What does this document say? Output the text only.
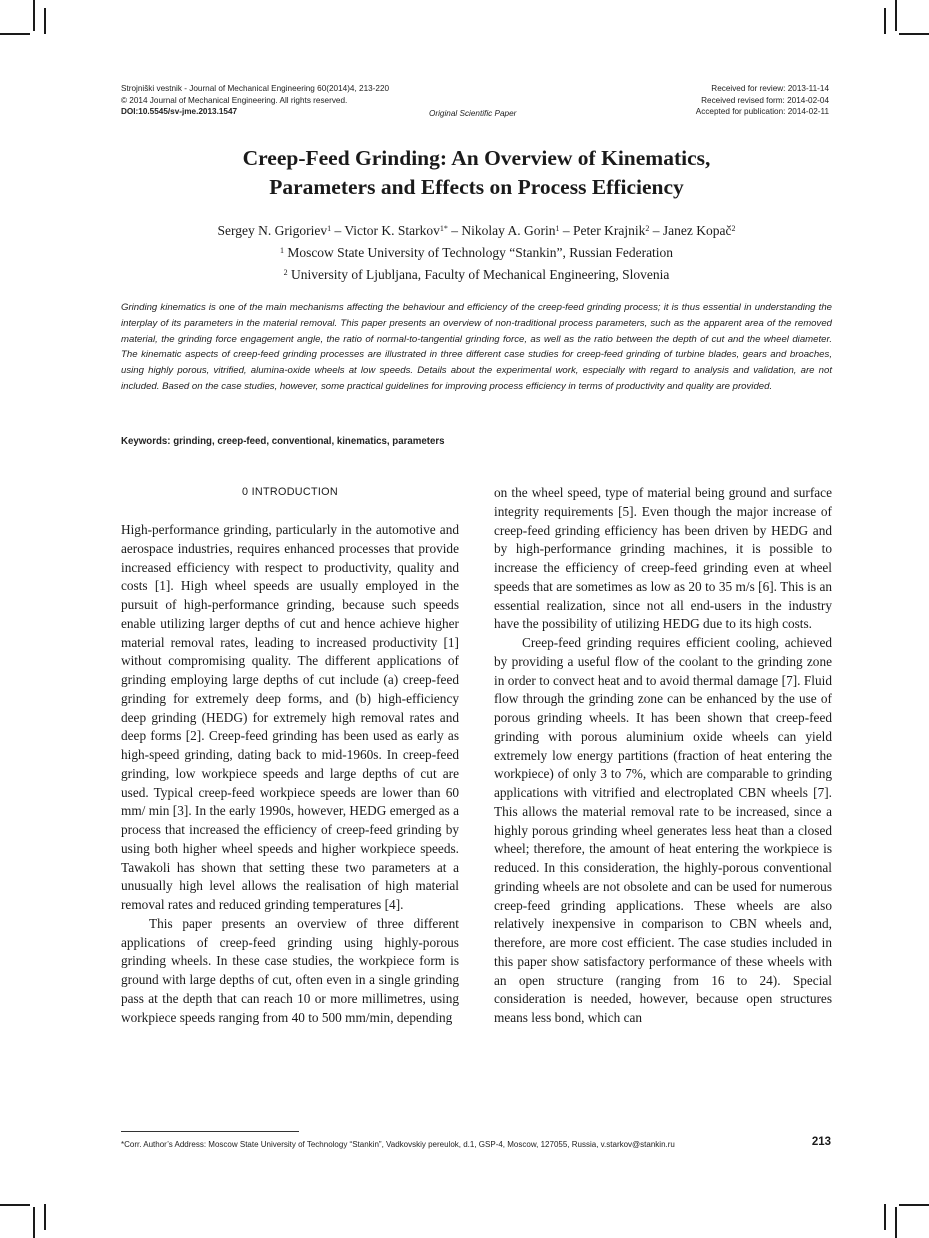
Strojniški vestnik - Journal of Mechanical Engineering 60(2014)4, 213-220
© 2014 Journal of Mechanical Engineering. All rights reserved.
DOI:10.5545/sv-jme.2013.1547	Original Scientific Paper
Received for review: 2013-11-14
Received revised form: 2014-02-04
Accepted for publication: 2014-02-11
Creep-Feed Grinding: An Overview of Kinematics,
Parameters and Effects on Process Efficiency
Sergey N. Grigoriev$^1$ – Victor K. Starkov$^{1*}$ – Nikolay A. Gorin$^1$ – Peter Krajnik$^2$ – Janez Kopač$^2$
$^1$ Moscow State University of Technology “Stankin”, Russian Federation
$^2$ University of Ljubljana, Faculty of Mechanical Engineering, Slovenia
Grinding kinematics is one of the main mechanisms affecting the behaviour and efficiency of the creep-feed grinding process; it is thus essential in understanding the interplay of its parameters in the material removal. This paper presents an overview of non-traditional process parameters, such as the apparent area of the removed material, the grinding force engagement angle, the ratio of normal-to-tangential grinding force, as well as the ratio between the depth of cut and the wheel diameter. The kinematic aspects of creep-feed grinding processes are illustrated in three different case studies for creep-feed grinding of turbine blades, gears and broaches, using highly porous, vitrified, alumina-oxide wheels at low speeds. Details about the experimental work, especially with regard to analysis and validation, are not included. Based on the case studies, however, some practical guidelines for improving process efficiency in terms of productivity and quality are provided.
Keywords: grinding, creep-feed, conventional, kinematics, parameters
0 INTRODUCTION

High-performance grinding, particularly in the automotive and aerospace industries, requires enhanced processes that provide increased efficiency with respect to productivity, quality and costs [1]. High wheel speeds are usually employed in the pursuit of high-performance grinding, because such speeds enable utilizing larger depths of cut and hence achieve higher material removal rates, leading to increased productivity [1] without compromising quality. The different applications of grinding employing large depths of cut include (a) creep-feed grinding for extremely deep forms, and (b) high-efficiency deep grinding (HEDG) for extremely high removal rates and deep forms [2]. Creep-feed grinding has been used as early as high-speed grinding, dating back to mid-1960s. In creep-feed grinding, low workpiece speeds and large depths of cut are used. Typical creep-feed workpiece speeds are lower than 60 mm/ min [3]. In the early 1990s, however, HEDG emerged as a process that increased the efficiency of creep-feed grinding by using both higher wheel speeds and higher workpiece speeds. Tawakoli has shown that setting these two parameters at a unusually high level allows the realisation of high material removal rates and reduced grinding temperatures [4].

This paper presents an overview of three different applications of creep-feed grinding using highly-porous grinding wheels. In these case studies, the workpiece form is ground with large depths of cut, often even in a single grinding pass at the depth that can reach 10 or more millimetres, using workpiece speeds ranging from 40 to 500 mm/min, depending

on the wheel speed, type of material being ground and surface integrity requirements [5]. Even though the major increase of creep-feed grinding efficiency has been driven by HEDG and by high-performance grinding machines, it is possible to increase the efficiency of creep-feed grinding even at wheel speeds that are sometimes as low as 20 to 35 m/s [6]. This is an essential realization, since not all end-users in the industry have the possibility of utilizing HEDG due to its high costs.

Creep-feed grinding requires efficient cooling, achieved by providing a useful flow of the coolant to the grinding zone in order to convect heat and to avoid thermal damage [7]. Fluid flow through the grinding zone can be enhanced by the use of porous grinding wheels. It has been shown that creep-feed grinding with porous aluminium oxide wheels can yield extremely low energy partitions (fraction of heat entering the workpiece) of only 3 to 7%, which are comparable to grinding applications with vitrified and electroplated CBN wheels [7]. This allows the material removal rate to be increased, since a highly porous grinding wheel generates less heat than a closed wheel; therefore, the amount of heat entering the workpiece is reduced. In this consideration, the highly-porous conventional grinding wheels are not obsolete and can be used for numerous creep-feed grinding applications. These wheels are also relatively inexpensive in comparison to CBN wheels and, therefore, are more cost efficient. The case studies included in this paper show satisfactory performance of these wheels with an open structure (ranging from 16 to 24). Special consideration is needed, however, because open structures means less bond, which can

*Corr. Author’s Address: Moscow State University of Technology “Stankin”, Vadkovskiy pereulok, d.1, GSP-4, Moscow, 127055, Russia, v.starkov@stankin.ru	213
